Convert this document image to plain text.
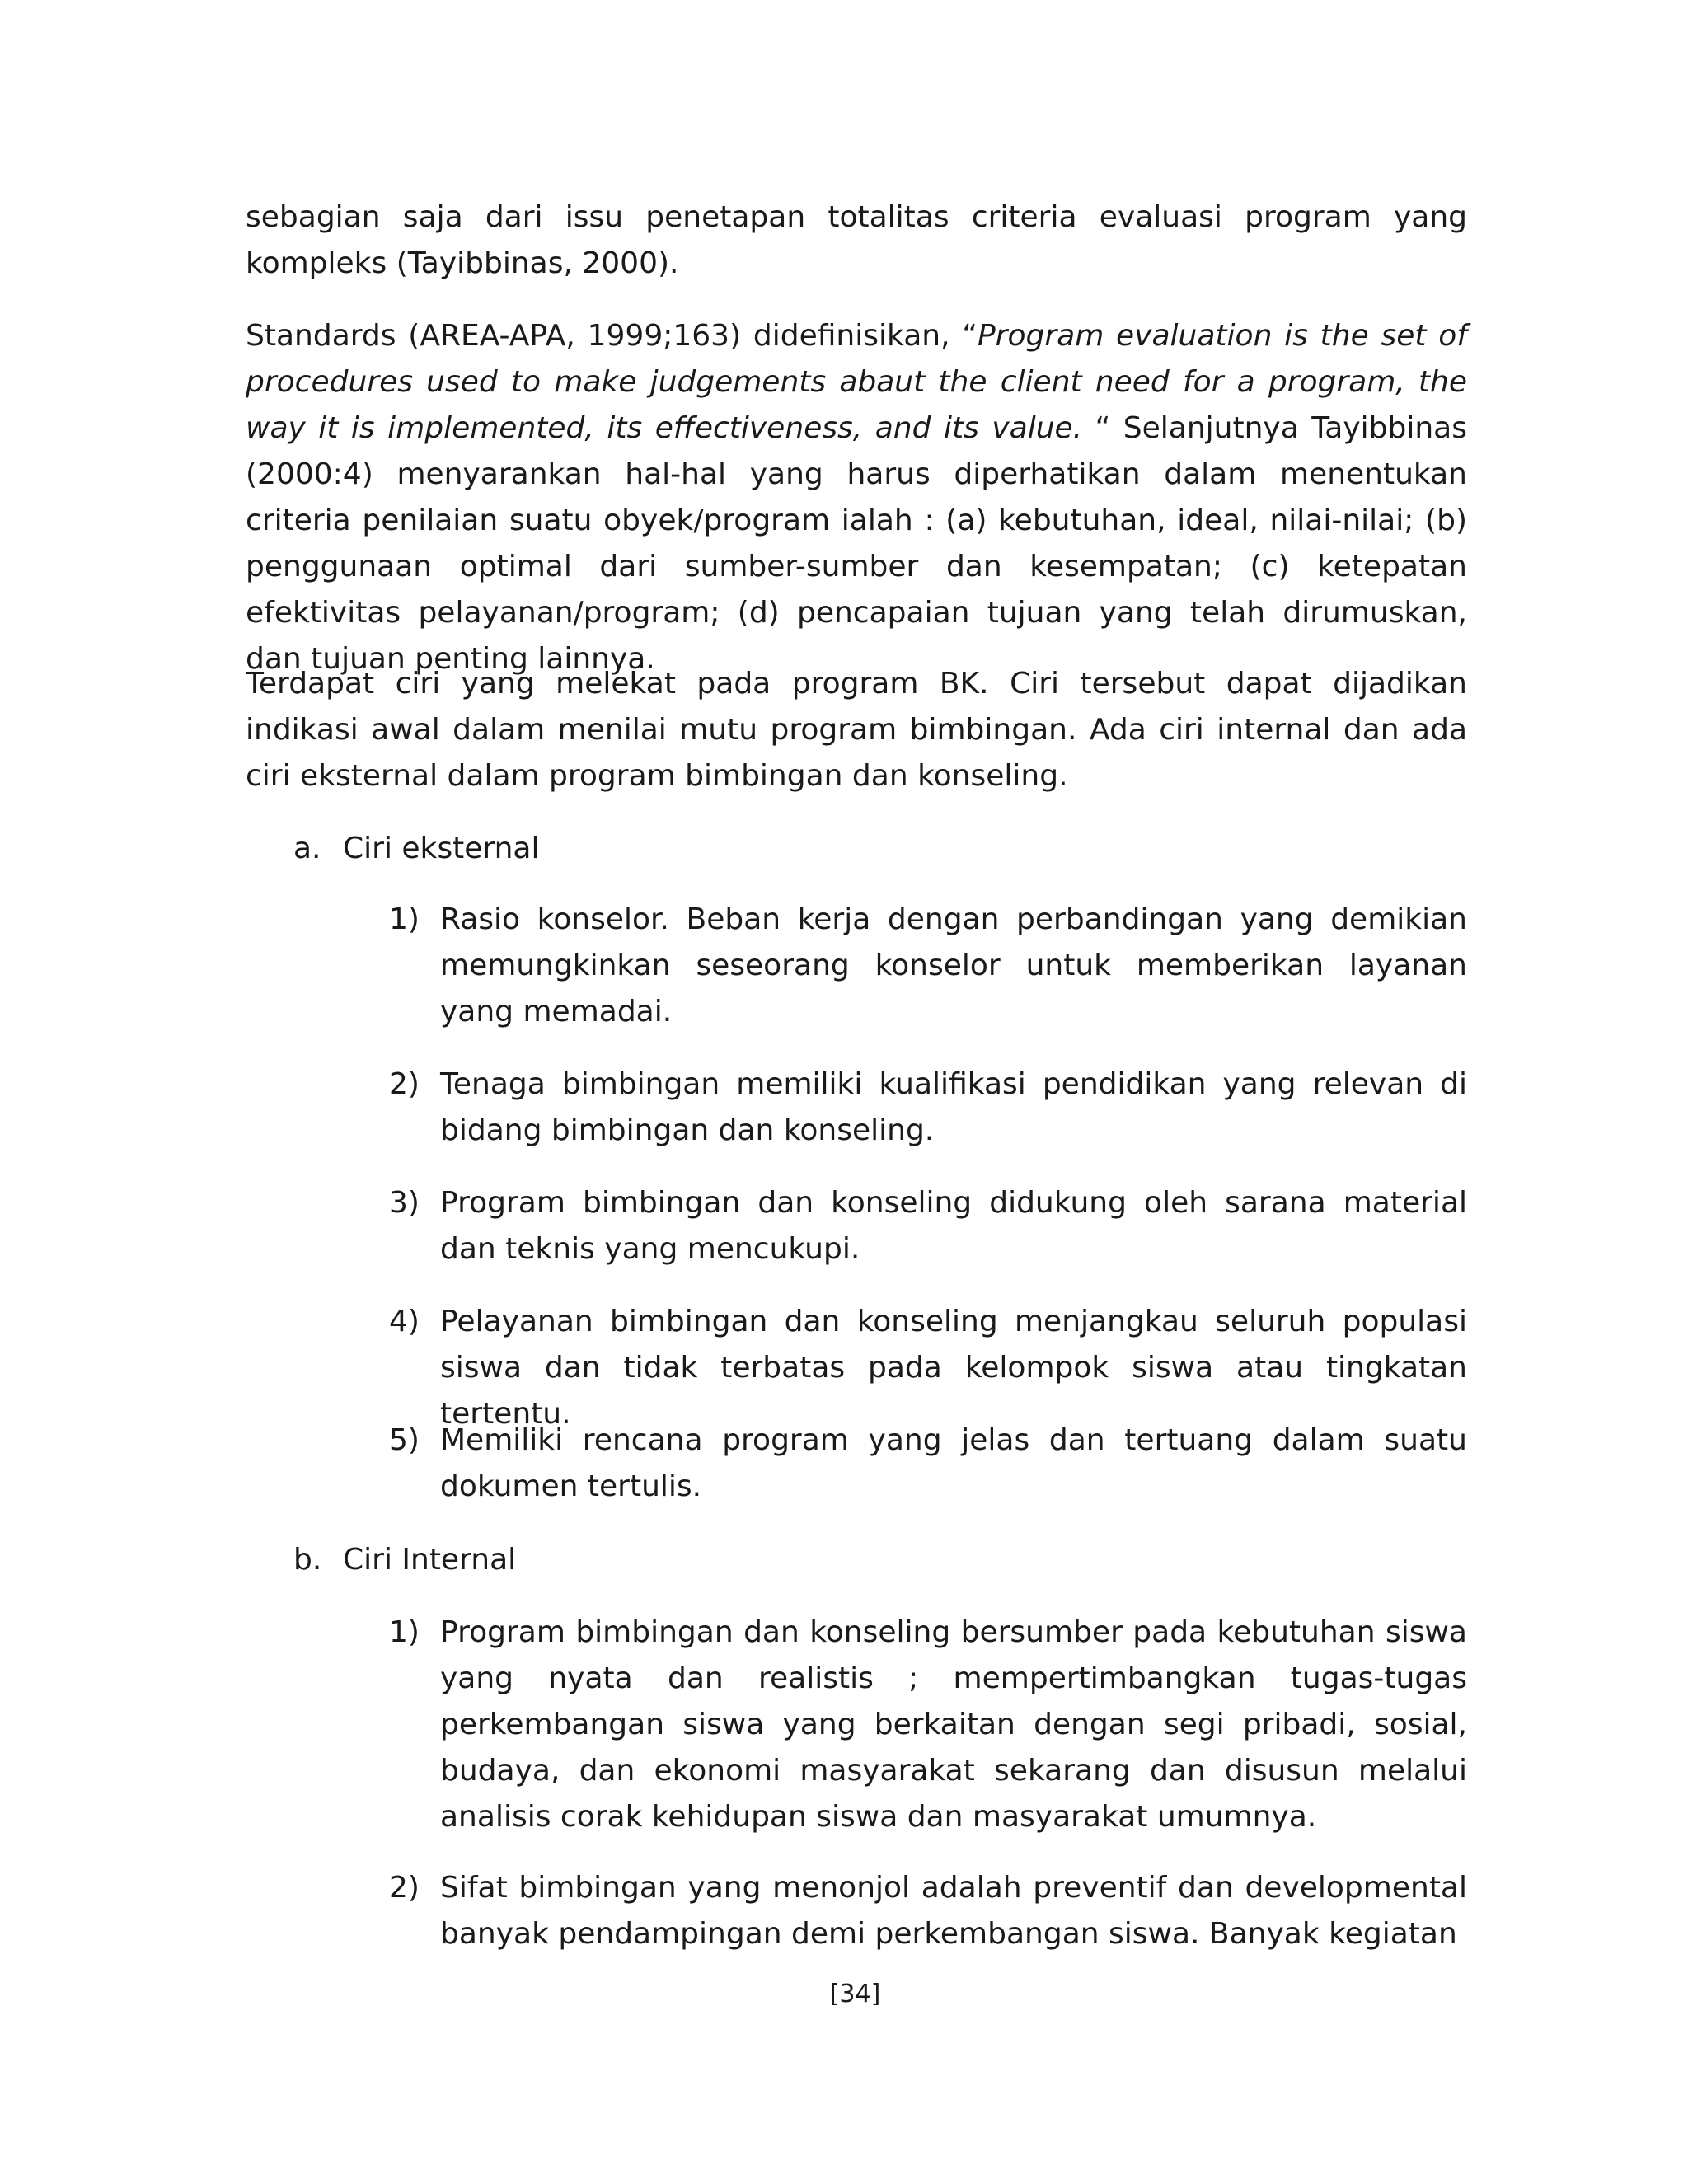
sebagian saja dari issu penetapan totalitas criteria evaluasi program yang kompleks (Tayibbinas, 2000).

Standards (AREA-APA, 1999;163) didefinisikan, “Program evaluation is the set of procedures used to make judgements abaut the client need for a program, the way it is implemented, its effectiveness, and its value. “ Selanjutnya Tayibbinas (2000:4) menyarankan hal-hal yang harus diperhatikan dalam menentukan criteria penilaian suatu obyek/program ialah : (a) kebutuhan, ideal, nilai-nilai; (b) penggunaan optimal dari sumber-sumber dan kesempatan; (c) ketepatan efektivitas pelayanan/program; (d) pencapaian tujuan yang telah dirumuskan, dan tujuan penting lainnya.

Terdapat ciri yang melekat pada program BK. Ciri tersebut dapat dijadikan indikasi awal dalam menilai mutu program bimbingan. Ada ciri internal dan ada ciri eksternal dalam program bimbingan dan konseling.

a. Ciri eksternal

1) Rasio konselor. Beban kerja dengan perbandingan yang demikian memungkinkan seseorang konselor untuk memberikan layanan yang memadai.
2) Tenaga bimbingan memiliki kualifikasi pendidikan yang relevan di bidang bimbingan dan konseling.
3) Program bimbingan dan konseling didukung oleh sarana material dan teknis yang mencukupi.
4) Pelayanan bimbingan dan konseling menjangkau seluruh populasi siswa dan tidak terbatas pada kelompok siswa atau tingkatan tertentu.
5) Memiliki rencana program yang jelas dan tertuang dalam suatu dokumen tertulis.

b. Ciri Internal

1) Program bimbingan dan konseling bersumber pada kebutuhan siswa yang nyata dan realistis ; mempertimbangkan tugas-tugas perkembangan siswa yang berkaitan dengan segi pribadi, sosial, budaya, dan ekonomi masyarakat sekarang dan disusun melalui analisis corak kehidupan siswa dan masyarakat umumnya.
2) Sifat bimbingan yang menonjol adalah preventif dan developmental banyak pendampingan demi perkembangan siswa. Banyak kegiatan
[34]
